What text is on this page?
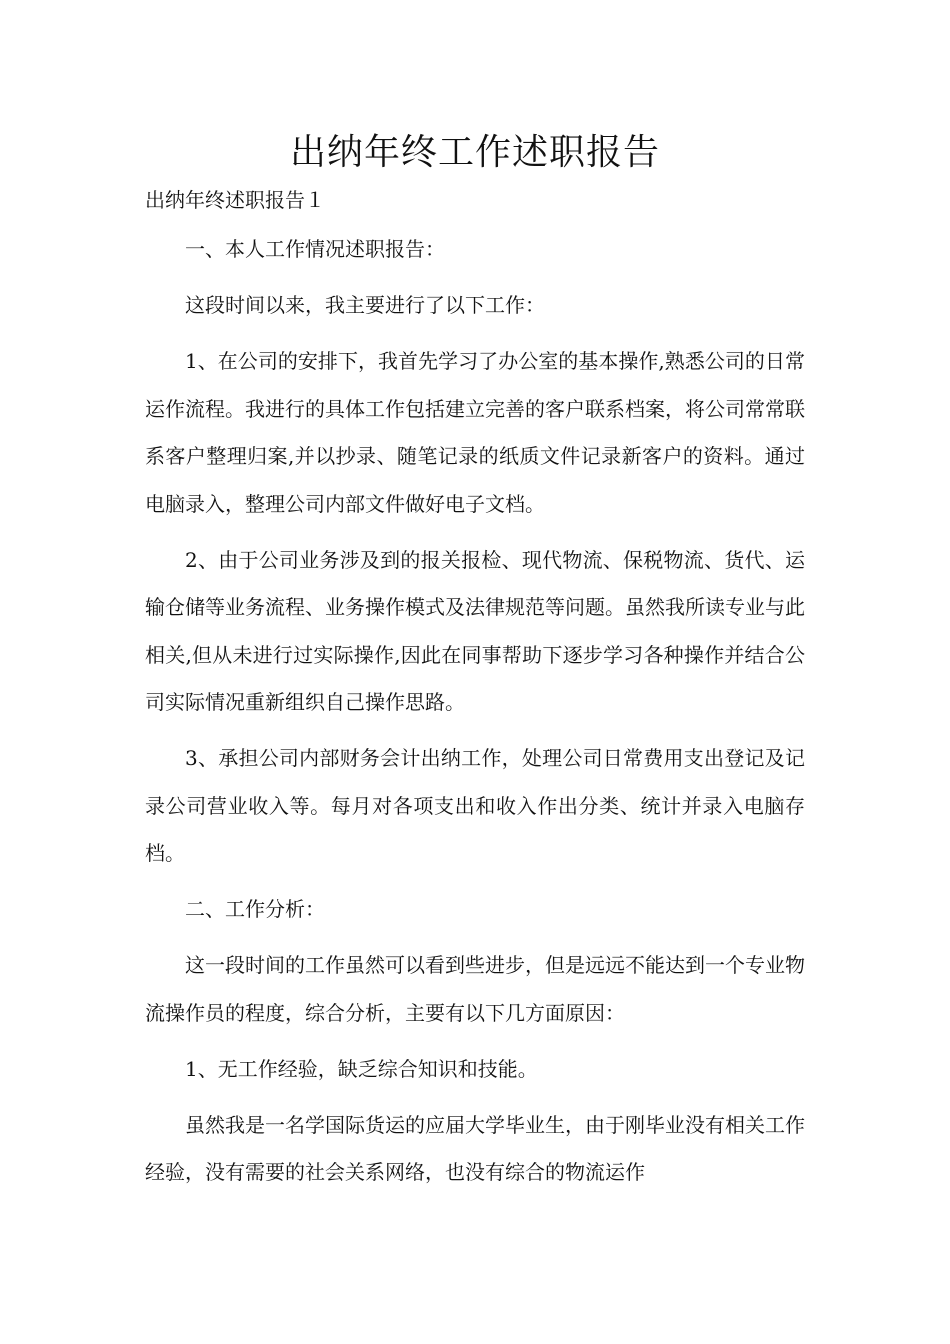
出纳年终工作述职报告

出纳年终述职报告１

一、本人工作情况述职报告：

这段时间以来，我主要进行了以下工作：

1、在公司的安排下，我首先学习了办公室的基本操作,熟悉公司的日常运作流程。我进行的具体工作包括建立完善的客户联系档案，将公司常常联系客户整理归案,并以抄录、随笔记录的纸质文件记录新客户的资料。通过电脑录入，整理公司内部文件做好电子文档。

2、由于公司业务涉及到的报关报检、现代物流、保税物流、货代、运输仓储等业务流程、业务操作模式及法律规范等问题。虽然我所读专业与此相关,但从未进行过实际操作,因此在同事帮助下逐步学习各种操作并结合公司实际情况重新组织自己操作思路。

3、承担公司内部财务会计出纳工作，处理公司日常费用支出登记及记录公司营业收入等。每月对各项支出和收入作出分类、统计并录入电脑存档。

二、工作分析：

这一段时间的工作虽然可以看到些进步，但是远远不能达到一个专业物流操作员的程度，综合分析，主要有以下几方面原因：

1、无工作经验，缺乏综合知识和技能。

虽然我是一名学国际货运的应届大学毕业生，由于刚毕业没有相关工作经验，没有需要的社会关系网络，也没有综合的物流运作
